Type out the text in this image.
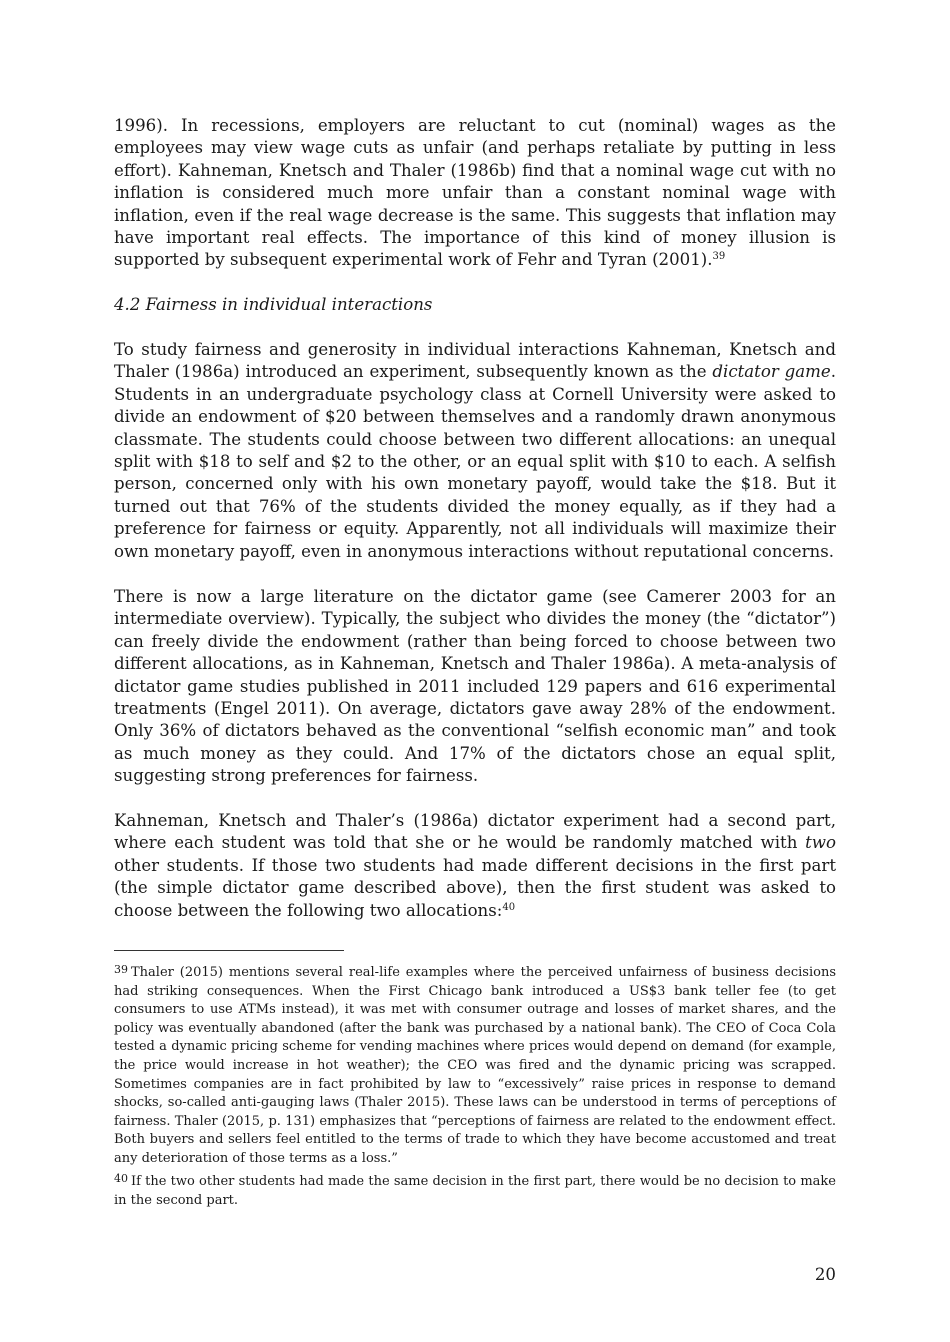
1996). In recessions, employers are reluctant to cut (nominal) wages as the employees may view wage cuts as unfair (and perhaps retaliate by putting in less effort). Kahneman, Knetsch and Thaler (1986b) find that a nominal wage cut with no inflation is considered much more unfair than a constant nominal wage with inflation, even if the real wage decrease is the same. This suggests that inflation may have important real effects. The importance of this kind of money illusion is supported by subsequent experimental work of Fehr and Tyran (2001).$^{39}$

4.2 Fairness in individual interactions

To study fairness and generosity in individual interactions Kahneman, Knetsch and Thaler (1986a) introduced an experiment, subsequently known as the dictator game. Students in an undergraduate psychology class at Cornell University were asked to divide an endowment of $20 between themselves and a randomly drawn anonymous classmate. The students could choose between two different allocations: an unequal split with $18 to self and $2 to the other, or an equal split with $10 to each. A selfish person, concerned only with his own monetary payoff, would take the $18. But it turned out that 76% of the students divided the money equally, as if they had a preference for fairness or equity. Apparently, not all individuals will maximize their own monetary payoff, even in anonymous interactions without reputational concerns.

There is now a large literature on the dictator game (see Camerer 2003 for an intermediate overview). Typically, the subject who divides the money (the “dictator”) can freely divide the endowment (rather than being forced to choose between two different allocations, as in Kahneman, Knetsch and Thaler 1986a). A meta-analysis of dictator game studies published in 2011 included 129 papers and 616 experimental treatments (Engel 2011). On average, dictators gave away 28% of the endowment. Only 36% of dictators behaved as the conventional “selfish economic man” and took as much money as they could. And 17% of the dictators chose an equal split, suggesting strong preferences for fairness.

Kahneman, Knetsch and Thaler’s (1986a) dictator experiment had a second part, where each student was told that she or he would be randomly matched with two other students. If those two students had made different decisions in the first part (the simple dictator game described above), then the first student was asked to choose between the following two allocations:$^{40}$

$^{39}$ Thaler (2015) mentions several real-life examples where the perceived unfairness of business decisions had striking consequences. When the First Chicago bank introduced a US$3 bank teller fee (to get consumers to use ATMs instead), it was met with consumer outrage and losses of market shares, and the policy was eventually abandoned (after the bank was purchased by a national bank). The CEO of Coca Cola tested a dynamic pricing scheme for vending machines where prices would depend on demand (for example, the price would increase in hot weather); the CEO was fired and the dynamic pricing was scrapped. Sometimes companies are in fact prohibited by law to “excessively” raise prices in response to demand shocks, so-called anti-gauging laws (Thaler 2015). These laws can be understood in terms of perceptions of fairness. Thaler (2015, p. 131) emphasizes that “perceptions of fairness are related to the endowment effect. Both buyers and sellers feel entitled to the terms of trade to which they have become accustomed and treat any deterioration of those terms as a loss.”

$^{40}$ If the two other students had made the same decision in the first part, there would be no decision to make in the second part.

20
